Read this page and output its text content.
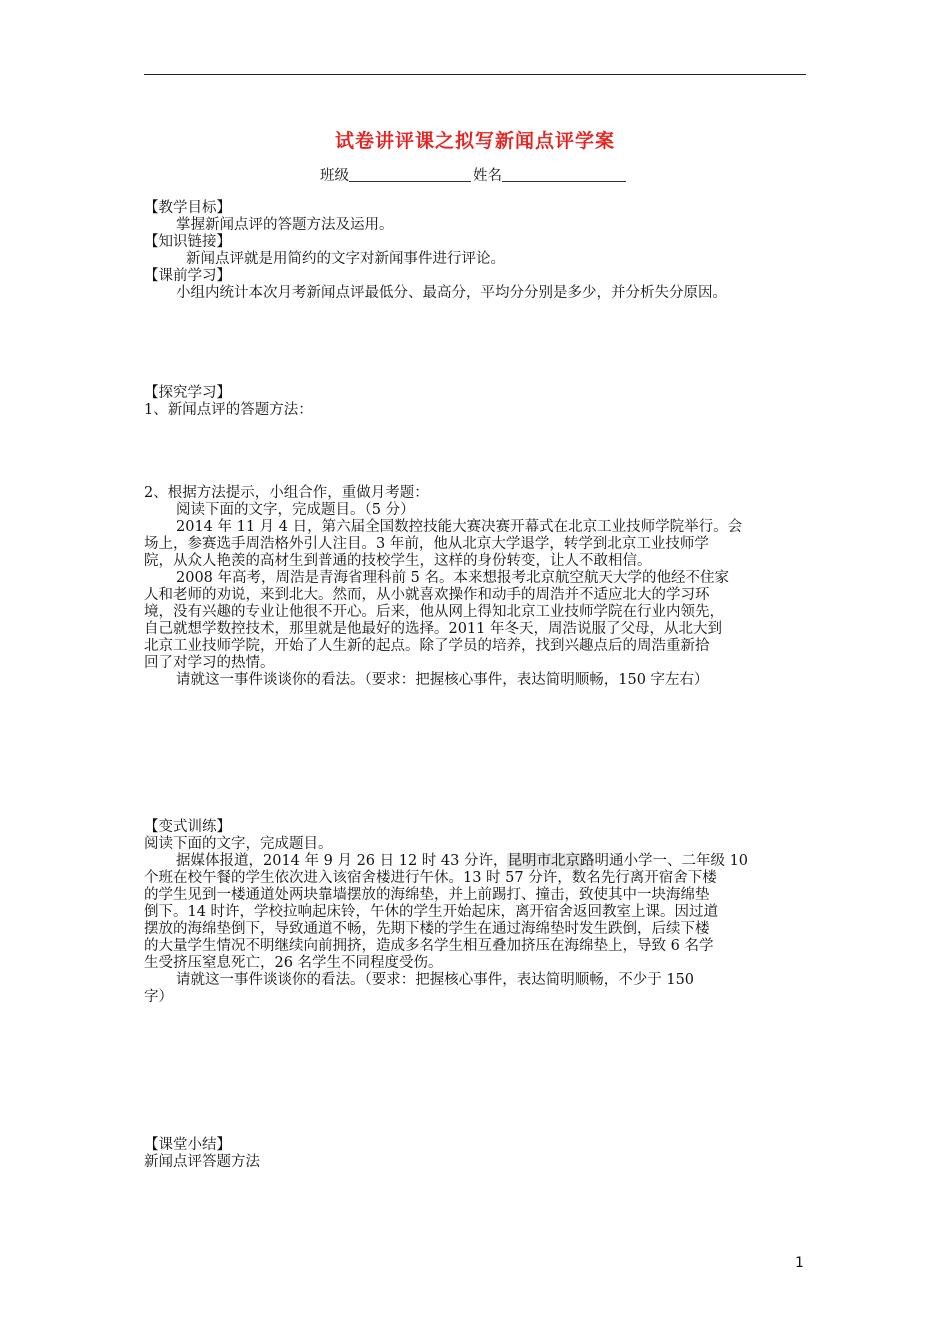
试卷讲评课之拟写新闻点评学案
班级	姓名
【教学目标】
掌握新闻点评的答题方法及运用。
【知识链接】
新闻点评就是用简约的文字对新闻事件进行评论。
【课前学习】
小组内统计本次月考新闻点评最低分、最高分，平均分分别是多少，并分析失分原因。
【探究学习】
1、新闻点评的答题方法：
2、根据方法提示，小组合作，重做月考题：
阅读下面的文字，完成题目。（5 分）
2014 年 11 月 4 日，第六届全国数控技能大赛决赛开幕式在北京工业技师学院举行。会
场上，参赛选手周浩格外引人注目。3 年前，他从北京大学退学，转学到北京工业技师学
院，从众人艳羡的高材生到普通的技校学生，这样的身份转变，让人不敢相信。
2008 年高考，周浩是青海省理科前 5 名。本来想报考北京航空航天大学的他经不住家
人和老师的劝说，来到北大。然而，从小就喜欢操作和动手的周浩并不适应北大的学习环
境，没有兴趣的专业让他很不开心。后来，他从网上得知北京工业技师学院在行业内领先，
自己就想学数控技术，那里就是他最好的选择。2011 年冬天，周浩说服了父母，从北大到
北京工业技师学院，开始了人生新的起点。除了学员的培养，找到兴趣点后的周浩重新拾
回了对学习的热情。
请就这一事件谈谈你的看法。（要求：把握核心事件，表达简明顺畅，150 字左右）
【变式训练】
阅读下面的文字，完成题目。
据媒体报道，2014 年 9 月 26 日 12 时 43 分许，昆明市北京路明通小学一、二年级 10
个班在校午餐的学生依次进入该宿舍楼进行午休。13 时 57 分许，数名先行离开宿舍下楼
的学生见到一楼通道处两块靠墙摆放的海绵垫，并上前踢打、撞击，致使其中一块海绵垫
倒下。14 时许，学校拉响起床铃，午休的学生开始起床，离开宿舍返回教室上课。因过道
摆放的海绵垫倒下，导致通道不畅，先期下楼的学生在通过海绵垫时发生跌倒，后续下楼
的大量学生情况不明继续向前拥挤，造成多名学生相互叠加挤压在海绵垫上，导致 6 名学
生受挤压窒息死亡，26 名学生不同程度受伤。
请就这一事件谈谈你的看法。（要求：把握核心事件，表达简明顺畅，不少于 150
字）
【课堂小结】
新闻点评答题方法
1
